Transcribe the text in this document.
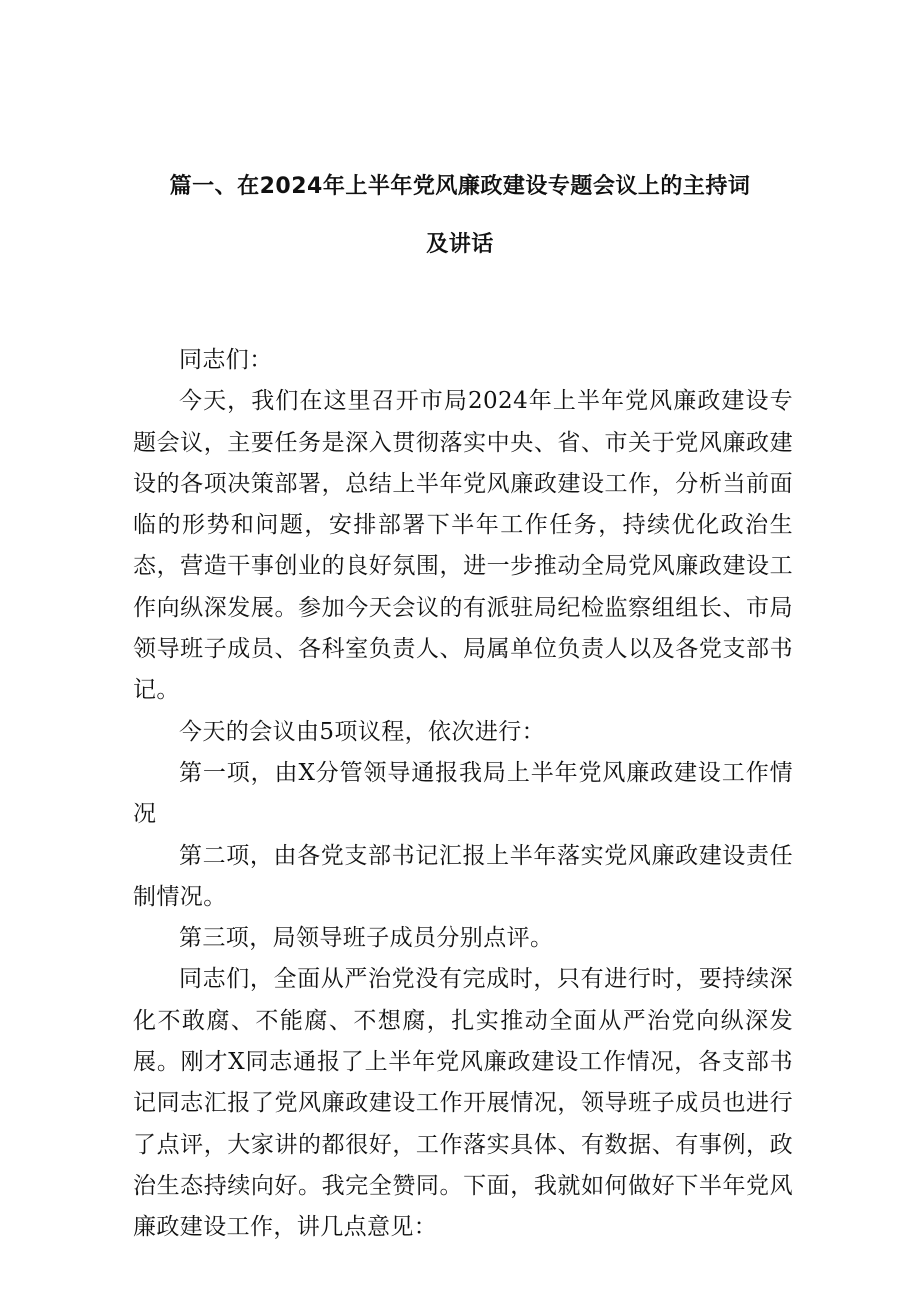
篇一、在2024年上半年党风廉政建设专题会议上的主持词
及讲话

同志们：

今天，我们在这里召开市局2024年上半年党风廉政建设专题会议，主要任务是深入贯彻落实中央、省、市关于党风廉政建设的各项决策部署，总结上半年党风廉政建设工作，分析当前面临的形势和问题，安排部署下半年工作任务，持续优化政治生态，营造干事创业的良好氛围，进一步推动全局党风廉政建设工作向纵深发展。参加今天会议的有派驻局纪检监察组组长、市局领导班子成员、各科室负责人、局属单位负责人以及各党支部书记。

今天的会议由5项议程，依次进行：

第一项，由X分管领导通报我局上半年党风廉政建设工作情况

第二项，由各党支部书记汇报上半年落实党风廉政建设责任制情况。

第三项，局领导班子成员分别点评。

同志们，全面从严治党没有完成时，只有进行时，要持续深化不敢腐、不能腐、不想腐，扎实推动全面从严治党向纵深发展。刚才X同志通报了上半年党风廉政建设工作情况，各支部书记同志汇报了党风廉政建设工作开展情况，领导班子成员也进行了点评，大家讲的都很好，工作落实具体、有数据、有事例，政治生态持续向好。我完全赞同。下面，我就如何做好下半年党风廉政建设工作，讲几点意见：
